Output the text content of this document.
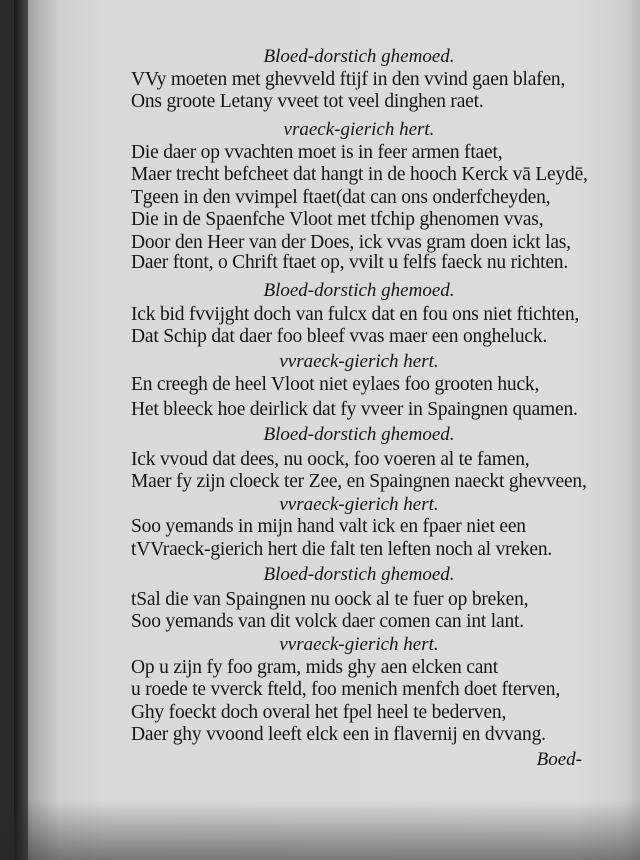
Bloed-dorstich ghemoed.
VVy moeten met ghevveld ftijf in den vvind gaen blafen,
Ons groote Letany vveet tot veel dinghen raet.
vraeck-gierich hert.
Die daer op vvachten moet is in feer armen ftaet,
Maer trecht befcheet dat hangt in de hooch Kerck vā Leydē,
Tgeen in den vvimpel ftaet(dat can ons onderfcheyden,
Die in de Spaenfche Vloot met tfchip ghenomen vvas,
Door den Heer van der Does, ick vvas gram doen ickt las,
Daer ftont, o Chrift ftaet op, vvilt u felfs faeck nu richten.
Bloed-dorstich ghemoed.
Ick bid fvvijght doch van fulcx dat en fou ons niet ftichten,
Dat Schip dat daer foo bleef vvas maer een ongheluck.
vvraeck-gierich hert.
En creegh de heel Vloot niet eylaes foo grooten huck,
Het bleeck hoe deirlick dat fy vveer in Spaingnen quamen.
Bloed-dorstich ghemoed.
Ick vvoud dat dees, nu oock, foo voeren al te famen,
Maer fy zijn cloeck ter Zee, en Spaingnen naeckt ghevveen,
vvraeck-gierich hert.
Soo yemands in mijn hand valt ick en fpaer niet een
tVVraeck-gierich hert die falt ten leften noch al vreken.
Bloed-dorstich ghemoed.
tSal die van Spaingnen nu oock al te fuer op breken,
Soo yemands van dit volck daer comen can int lant.
vvraeck-gierich hert.
Op u zijn fy foo gram, mids ghy aen elcken cant
u roede te vverck fteld, foo menich menfch doet fterven,
Ghy foeckt doch overal het fpel heel te bederven,
Daer ghy vvoond leeft elck een in flavernij en dvvang.
Boed-
